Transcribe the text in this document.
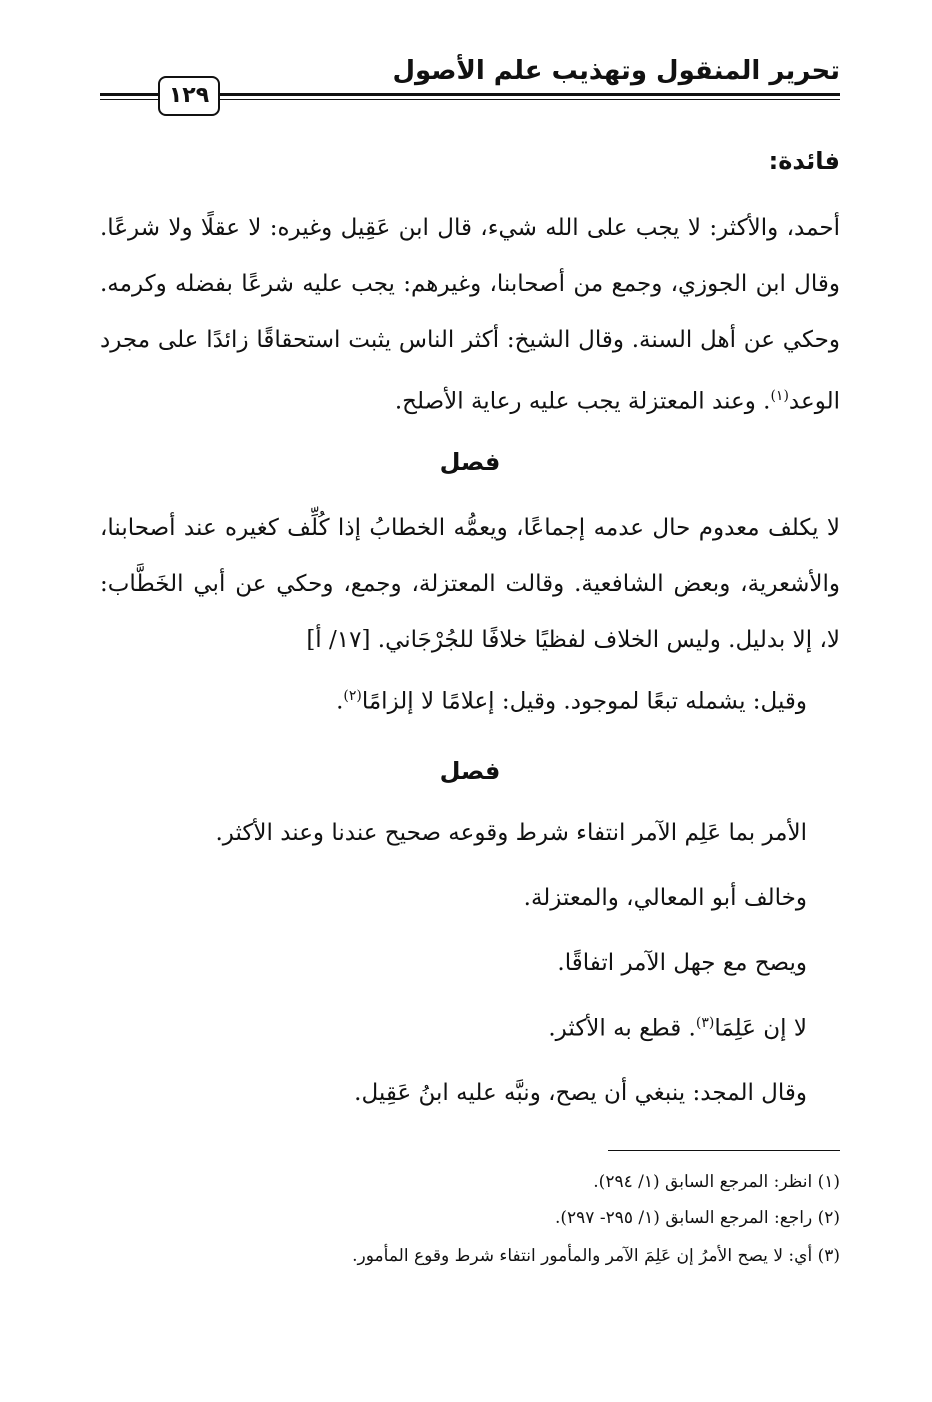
تحرير المنقول وتهذيب علم الأصول
١٢٩
فائدة:
أحمد، والأكثر: لا يجب على الله شيء، قال ابن عَقِيل وغيره: لا عقلًا ولا شرعًا. وقال ابن الجوزي، وجمع من أصحابنا، وغيرهم: يجب عليه شرعًا بفضله وكرمه. وحكي عن أهل السنة. وقال الشيخ: أكثر الناس يثبت استحقاقًا زائدًا على مجرد الوعد$^{(١)}$. وعند المعتزلة يجب عليه رعاية الأصلح.
فصل
لا يكلف معدوم حال عدمه إجماعًا، ويعمُّه الخطابُ إذا كُلِّف كغيره عند أصحابنا، والأشعرية، وبعض الشافعية. وقالت المعتزلة، وجمع، وحكي عن أبي الخَطَّاب: لا، إلا بدليل. وليس الخلاف لفظيًا خلافًا للجُرْجَاني. [١٧/ أ]
وقيل: يشمله تبعًا لموجود. وقيل: إعلامًا لا إلزامًا$^{(٢)}$.
فصل
الأمر بما عَلِم الآمر انتفاء شرط وقوعه صحيح عندنا وعند الأكثر.
وخالف أبو المعالي، والمعتزلة.
ويصح مع جهل الآمر اتفاقًا.
لا إن عَلِمَا$^{(٣)}$. قطع به الأكثر.
وقال المجد: ينبغي أن يصح، ونبَّه عليه ابنُ عَقِيل.
(١) انظر: المرجع السابق (١/ ٢٩٤).
(٢) راجع: المرجع السابق (١/ ٢٩٥- ٢٩٧).
(٣) أي: لا يصح الأمرُ إن عَلِمَ الآمر والمأمور انتفاء شرط وقوع المأمور.
